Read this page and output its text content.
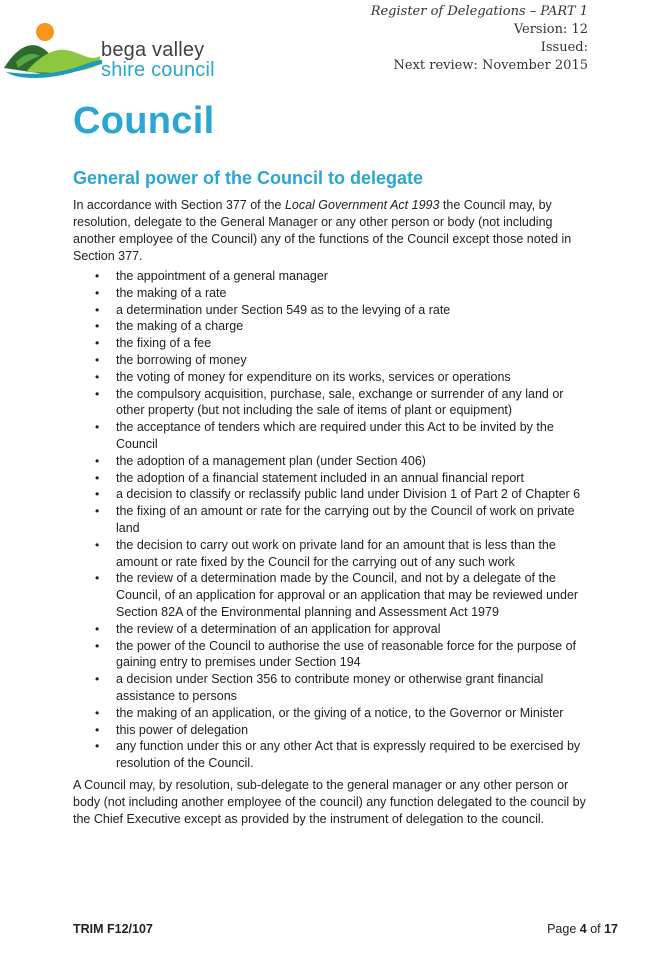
bega valley
shire council
Register of Delegations – PART 1
Version: 12
Issued:
Next review: November 2015
Council
General power of the Council to delegate

In accordance with Section 377 of the Local Government Act 1993 the Council may, by resolution, delegate to the General Manager or any other person or body (not including another employee of the Council) any of the functions of the Council except those noted in Section 377.

• the appointment of a general manager
• the making of a rate
• a determination under Section 549 as to the levying of a rate
• the making of a charge
• the fixing of a fee
• the borrowing of money
• the voting of money for expenditure on its works, services or operations
• the compulsory acquisition, purchase, sale, exchange or surrender of any land or other property (but not including the sale of items of plant or equipment)
• the acceptance of tenders which are required under this Act to be invited by the Council
• the adoption of a management plan (under Section 406)
• the adoption of a financial statement included in an annual financial report
• a decision to classify or reclassify public land under Division 1 of Part 2 of Chapter 6
• the fixing of an amount or rate for the carrying out by the Council of work on private land
• the decision to carry out work on private land for an amount that is less than the amount or rate fixed by the Council for the carrying out of any such work
• the review of a determination made by the Council, and not by a delegate of the Council, of an application for approval or an application that may be reviewed under Section 82A of the Environmental planning and Assessment Act 1979
• the review of a determination of an application for approval
• the power of the Council to authorise the use of reasonable force for the purpose of gaining entry to premises under Section 194
• a decision under Section 356 to contribute money or otherwise grant financial assistance to persons
• the making of an application, or the giving of a notice, to the Governor or Minister
• this power of delegation
• any function under this or any other Act that is expressly required to be exercised by resolution of the Council.

A Council may, by resolution, sub-delegate to the general manager or any other person or body (not including another employee of the council) any function delegated to the council by the Chief Executive except as provided by the instrument of delegation to the council.

TRIM F12/107	Page 4 of 17
